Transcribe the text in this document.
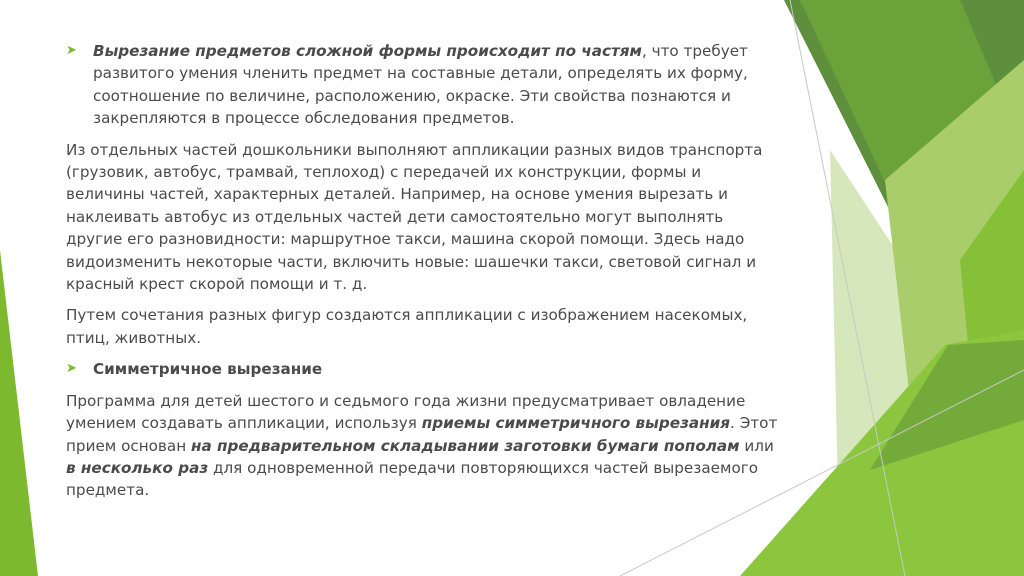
➤ Вырезание предметов сложной формы происходит по частям, что требует развитого умения членить предмет на составные детали, определять их форму, соотношение по величине, расположению, окраске. Эти свойства познаются и закрепляются в процессе обследования предметов.

Из отдельных частей дошкольники выполняют аппликации разных видов транспорта (грузовик, автобус, трамвай, теплоход) с передачей их конструкции, формы и величины частей, характерных деталей. Например, на основе умения вырезать и наклеивать автобус из отдельных частей дети самостоятельно могут выполнять другие его разновидности: маршрутное такси, машина скорой помощи. Здесь надо видоизменить некоторые части, включить новые: шашечки такси, световой сигнал и красный крест скорой помощи и т. д.

Путем сочетания разных фигур создаются аппликации с изображением насекомых, птиц, животных.

➤ Симметричное вырезание

Программа для детей шестого и седьмого года жизни предусматривает овладение умением создавать аппликации, используя приемы симметричного вырезания. Этот прием основан на предварительном складывании заготовки бумаги пополам или в несколько раз для одновременной передачи повторяющихся частей вырезаемого предмета.
